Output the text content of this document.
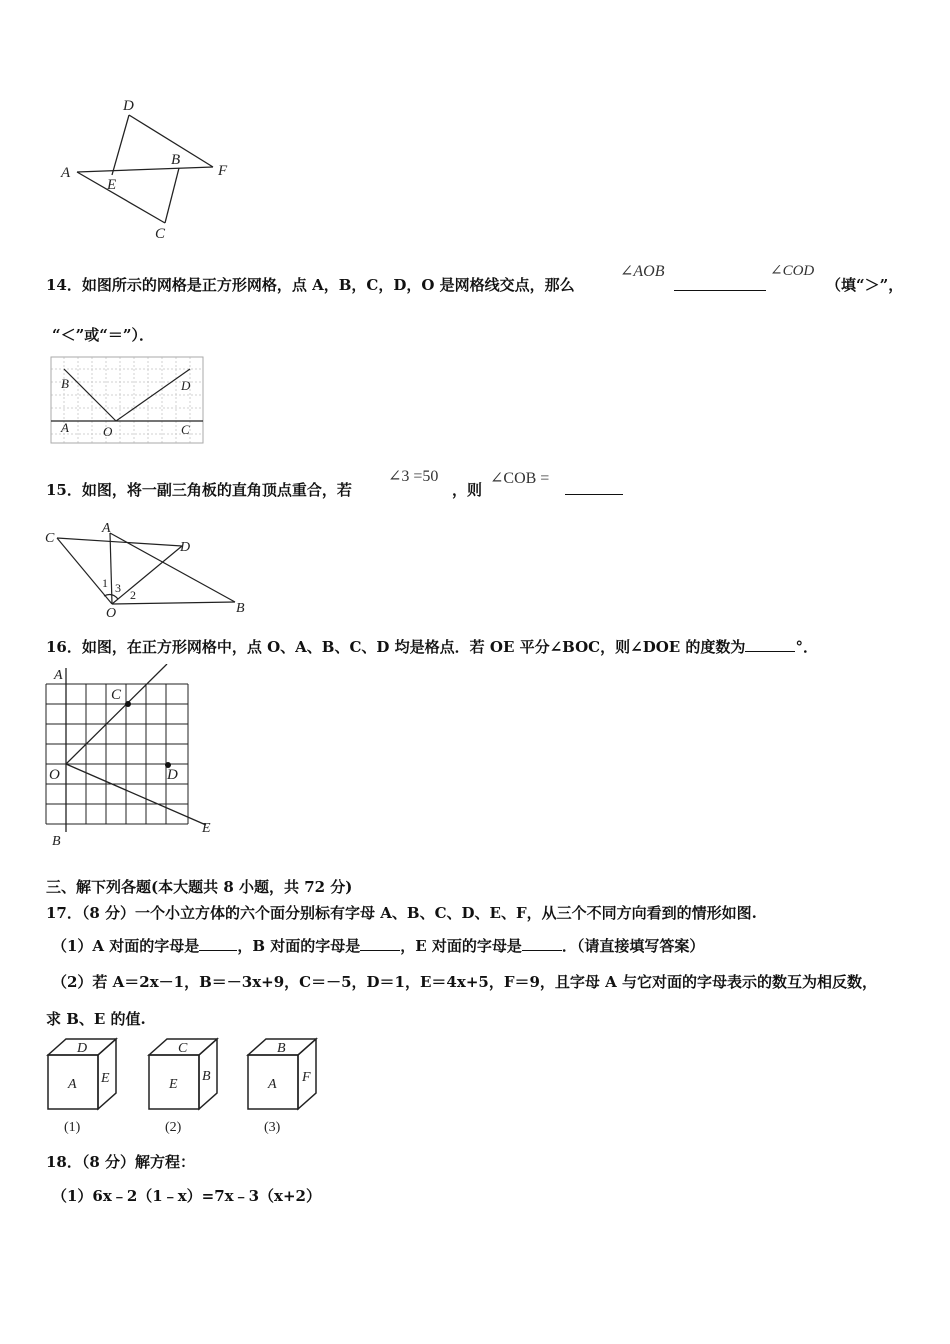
D
A
E
B
F
C
14．如图所示的网格是正方形网格，点 A，B，C，D，O 是网格线交点，那么
∠AOB	∠COD
（填“＞”，
“＜”或“＝”）．
B	D
A	O	C
15．如图，将一副三角板的直角顶点重合，若
∠3 =50
，则
∠COB =
C
A
D
1 3 2
O	B
16．如图，在正方形网格中，点 O、A、B、C、D 均是格点．若 OE 平分∠BOC，则∠DOE 的度数为	°．
A
C
O	D
B
E
三、解下列各题(本大题共 8 小题，共 72 分)
17．（8 分）一个小立方体的六个面分别标有字母 A、B、C、D、E、F，从三个不同方向看到的情形如图.
（1）A 对面的字母是	，B 对面的字母是	，E 对面的字母是	．（请直接填写答案）
（2）若 A＝2x－1，B＝－3x+9，C＝－5，D＝1，E＝4x+5，F＝9，且字母 A 与它对面的字母表示的数互为相反数，
求 B、E 的值.
D
A E
(1)
C
E
B
(2)
B
A F
(3)
18．（8 分）解方程：
（1）6x﹣2（1﹣x）=7x﹣3（x+2）
